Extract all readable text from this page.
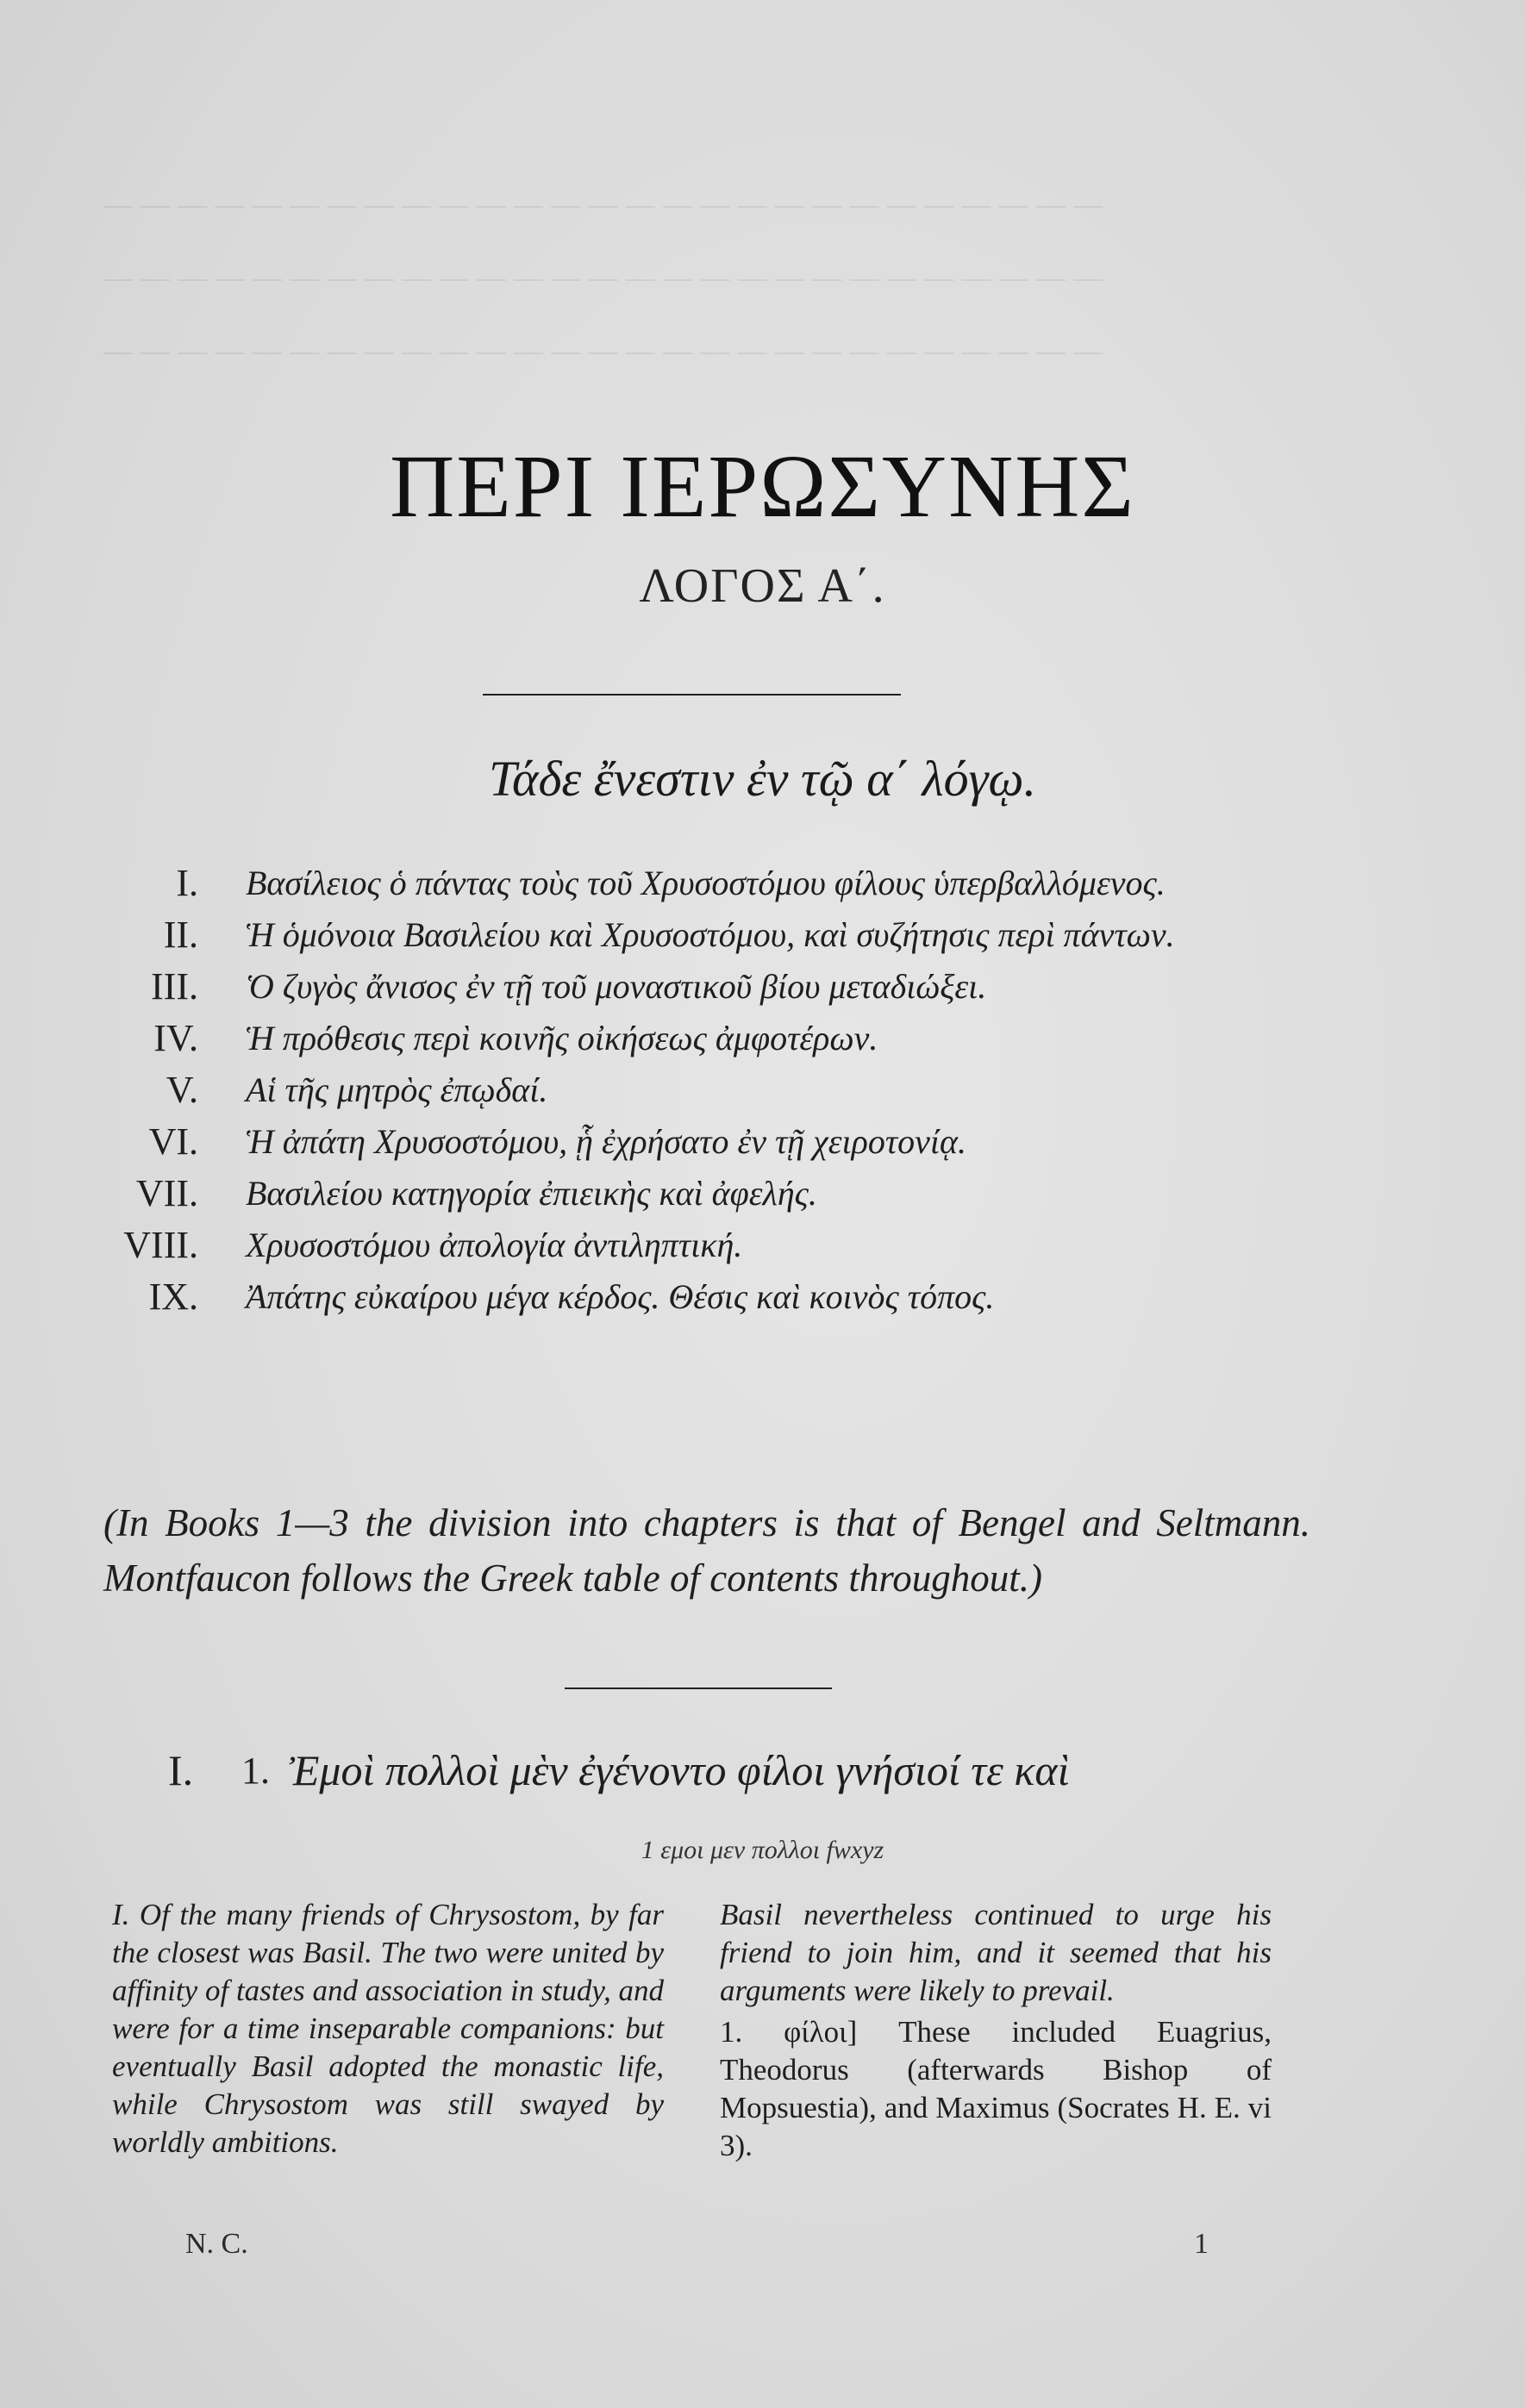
— — — — — — — — — — — — — — — — — — — — — — — — — — —
— — — — — — — — — — — — — — — — — — — — — — — — — — —
— — — — — — — — — — — — — — — — — — — — — — — — — — —
ΠΕΡΙ ΙΕΡΩΣΥΝΗΣ
ΛΟΓΟΣ Α΄.
Τάδε ἔνεστιν ἐν τῷ α΄ λόγῳ.
I. Βασίλειος ὁ πάντας τοὺς τοῦ Χρυσοστόμου φίλους ὑπερβαλλόμενος.
II. Ἡ ὁμόνοια Βασιλείου καὶ Χρυσοστόμου, καὶ συζήτησις περὶ πάντων.
III. Ὁ ζυγὸς ἄνισος ἐν τῇ τοῦ μοναστικοῦ βίου μεταδιώξει.
IV. Ἡ πρόθεσις περὶ κοινῆς οἰκήσεως ἀμφοτέρων.
V. Αἱ τῆς μητρὸς ἐπῳδαί.
VI. Ἡ ἀπάτη Χρυσοστόμου, ᾗ ἐχρήσατο ἐν τῇ χειροτονίᾳ.
VII. Βασιλείου κατηγορία ἐπιεικὴς καὶ ἀφελής.
VIII. Χρυσοστόμου ἀπολογία ἀντιληπτική.
IX. Ἀπάτης εὐκαίρου μέγα κέρδος. Θέσις καὶ κοινὸς τόπος.
(In Books 1—3 the division into chapters is that of Bengel and Seltmann. Montfaucon follows the Greek table of contents throughout.)
I. 1. Ἐμοὶ πολλοὶ μὲν ἐγένοντο φίλοι γνήσιοί τε καὶ
1 εμοι μεν πολλοι fwxyz
I. Of the many friends of Chrysostom, by far the closest was Basil. The two were united by affinity of tastes and association in study, and were for a time inseparable companions: but eventually Basil adopted the monastic life, while Chrysostom was still swayed by worldly ambitions.
Basil nevertheless continued to urge his friend to join him, and it seemed that his arguments were likely to prevail.
1. φίλοι] These included Euagrius, Theodorus (afterwards Bishop of Mopsuestia), and Maximus (Socrates H. E. vi 3).
N. C.	1
